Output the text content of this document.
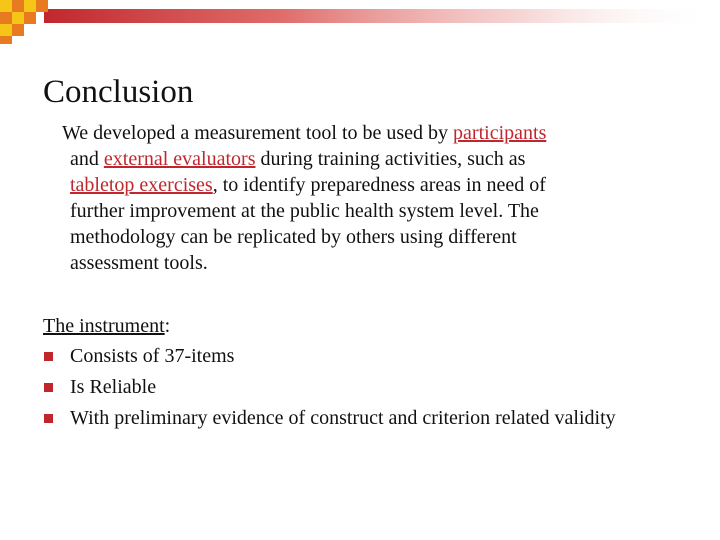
Conclusion
We developed a measurement tool to be used by participants
and external evaluators during training activities, such as
tabletop exercises, to identify preparedness areas in need of
further improvement at the public health system level. The
methodology can be replicated by others using different
assessment tools.
The instrument:
Consists of 37-items
Is Reliable
With preliminary evidence of construct and criterion related validity
